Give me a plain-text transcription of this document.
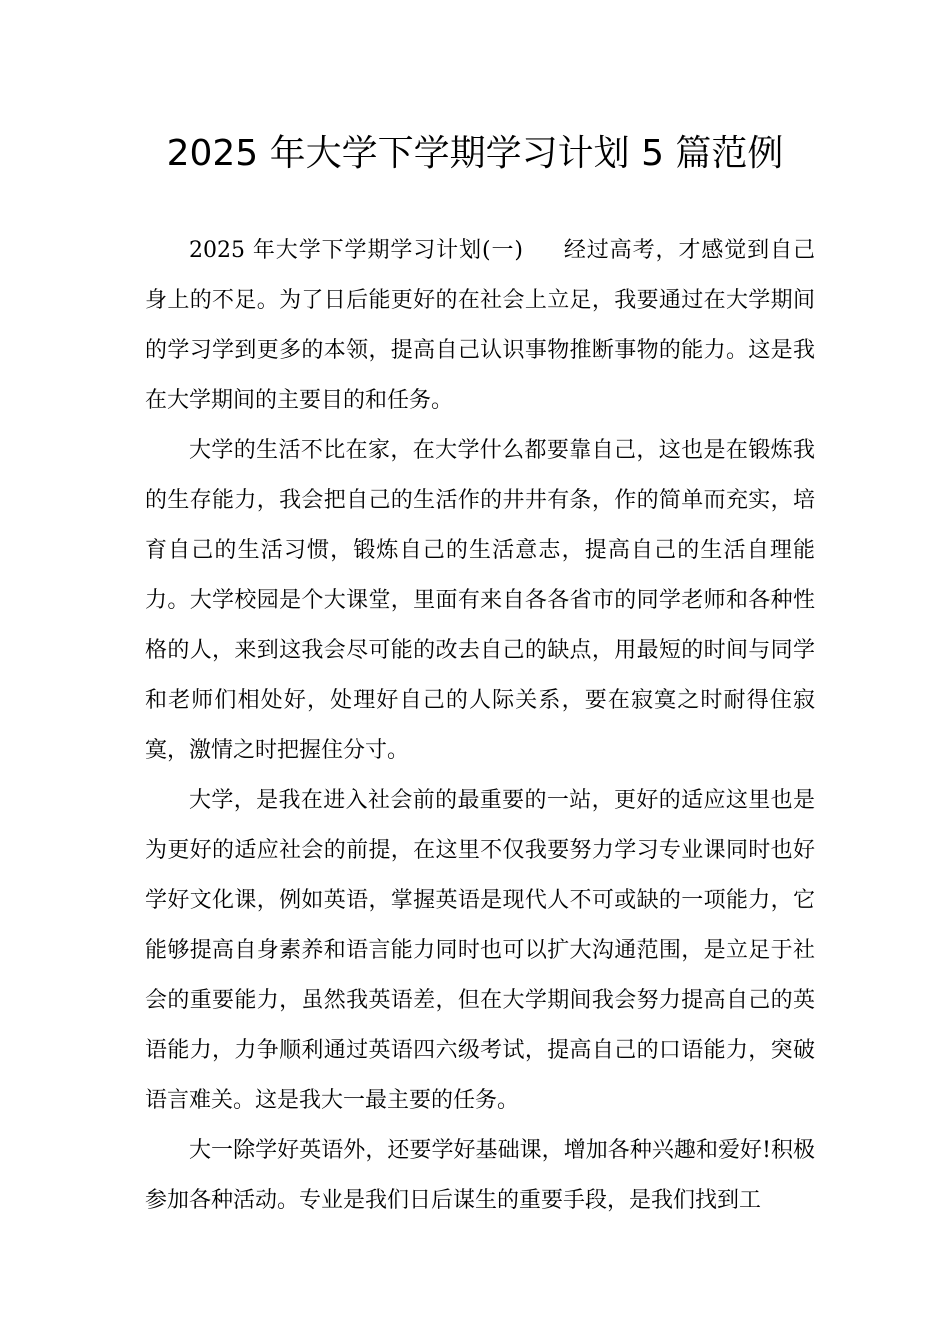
2025 年大学下学期学习计划 5 篇范例

2025 年大学下学期学习计划(一) 经过高考，才感觉到自己身上的不足。为了日后能更好的在社会上立足，我要通过在大学期间的学习学到更多的本领，提高自己认识事物推断事物的能力。这是我在大学期间的主要目的和任务。

大学的生活不比在家，在大学什么都要靠自己，这也是在锻炼我的生存能力，我会把自己的生活作的井井有条，作的简单而充实，培育自己的生活习惯，锻炼自己的生活意志，提高自己的生活自理能力。大学校园是个大课堂，里面有来自各各省市的同学老师和各种性格的人，来到这我会尽可能的改去自己的缺点，用最短的时间与同学和老师们相处好，处理好自己的人际关系，要在寂寞之时耐得住寂寞，激情之时把握住分寸。

大学，是我在进入社会前的最重要的一站，更好的适应这里也是为更好的适应社会的前提，在这里不仅我要努力学习专业课同时也好学好文化课，例如英语，掌握英语是现代人不可或缺的一项能力，它能够提高自身素养和语言能力同时也可以扩大沟通范围，是立足于社会的重要能力，虽然我英语差，但在大学期间我会努力提高自己的英语能力，力争顺利通过英语四六级考试，提高自己的口语能力，突破语言难关。这是我大一最主要的任务。

大一除学好英语外，还要学好基础课，增加各种兴趣和爱好!积极参加各种活动。专业是我们日后谋生的重要手段，是我们找到工
